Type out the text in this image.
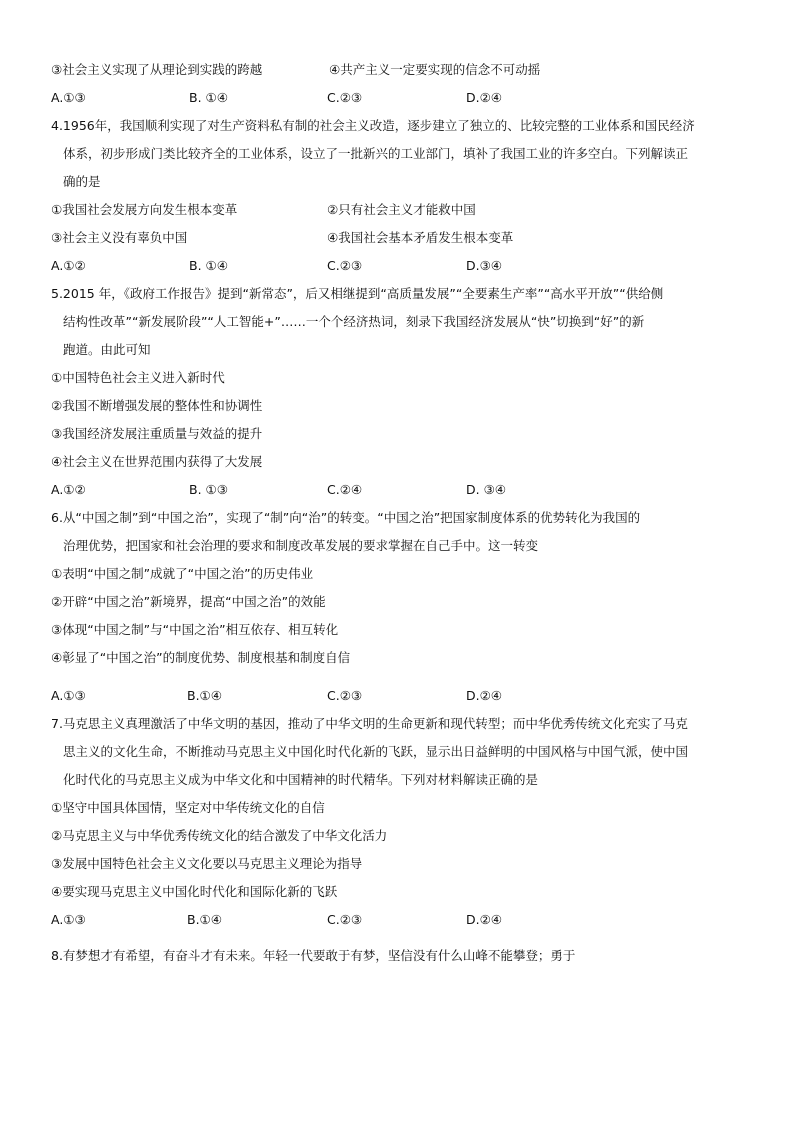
③社会主义实现了从理论到实践的跨越	④共产主义一定要实现的信念不可动摇
A.①③	B. ①④	C.②③	D.②④
4.1956年，我国顺利实现了对生产资料私有制的社会主义改造，逐步建立了独立的、比较完整的工业体系和国民经济
体系，初步形成门类比较齐全的工业体系，设立了一批新兴的工业部门，填补了我国工业的许多空白。下列解读正
确的是
①我国社会发展方向发生根本变革	②只有社会主义才能救中国
③社会主义没有辜负中国	④我国社会基本矛盾发生根本变革
A.①②	B. ①④	C.②③	D.③④
5.2015 年，《政府工作报告》提到“新常态”，后又相继提到“高质量发展”“全要素生产率”“高水平开放”“供给侧
结构性改革”“新发展阶段”“人工智能+”……一个个经济热词，刻录下我国经济发展从“快”切换到“好”的新
跑道。由此可知
①中国特色社会主义进入新时代
②我国不断增强发展的整体性和协调性
③我国经济发展注重质量与效益的提升
④社会主义在世界范围内获得了大发展
A.①②	B. ①③	C.②④	D. ③④
6.从“中国之制”到“中国之治”，实现了“制”向“治”的转变。“中国之治”把国家制度体系的优势转化为我国的
治理优势，把国家和社会治理的要求和制度改革发展的要求掌握在自己手中。这一转变
①表明“中国之制”成就了“中国之治”的历史伟业
②开辟“中国之治”新境界，提高“中国之治”的效能
③体现“中国之制”与“中国之治”相互依存、相互转化
④彰显了“中国之治”的制度优势、制度根基和制度自信
A.①③	B.①④	C.②③	D.②④
7.马克思主义真理激活了中华文明的基因，推动了中华文明的生命更新和现代转型；而中华优秀传统文化充实了马克
思主义的文化生命，不断推动马克思主义中国化时代化新的飞跃，显示出日益鲜明的中国风格与中国气派，使中国
化时代化的马克思主义成为中华文化和中国精神的时代精华。下列对材料解读正确的是
①坚守中国具体国情，坚定对中华传统文化的自信
②马克思主义与中华优秀传统文化的结合激发了中华文化活力
③发展中国特色社会主义文化要以马克思主义理论为指导
④要实现马克思主义中国化时代化和国际化新的飞跃
A.①③	B.①④	C.②③	D.②④
8.有梦想才有希望，有奋斗才有未来。年轻一代要敢于有梦，坚信没有什么山峰不能攀登；勇于
